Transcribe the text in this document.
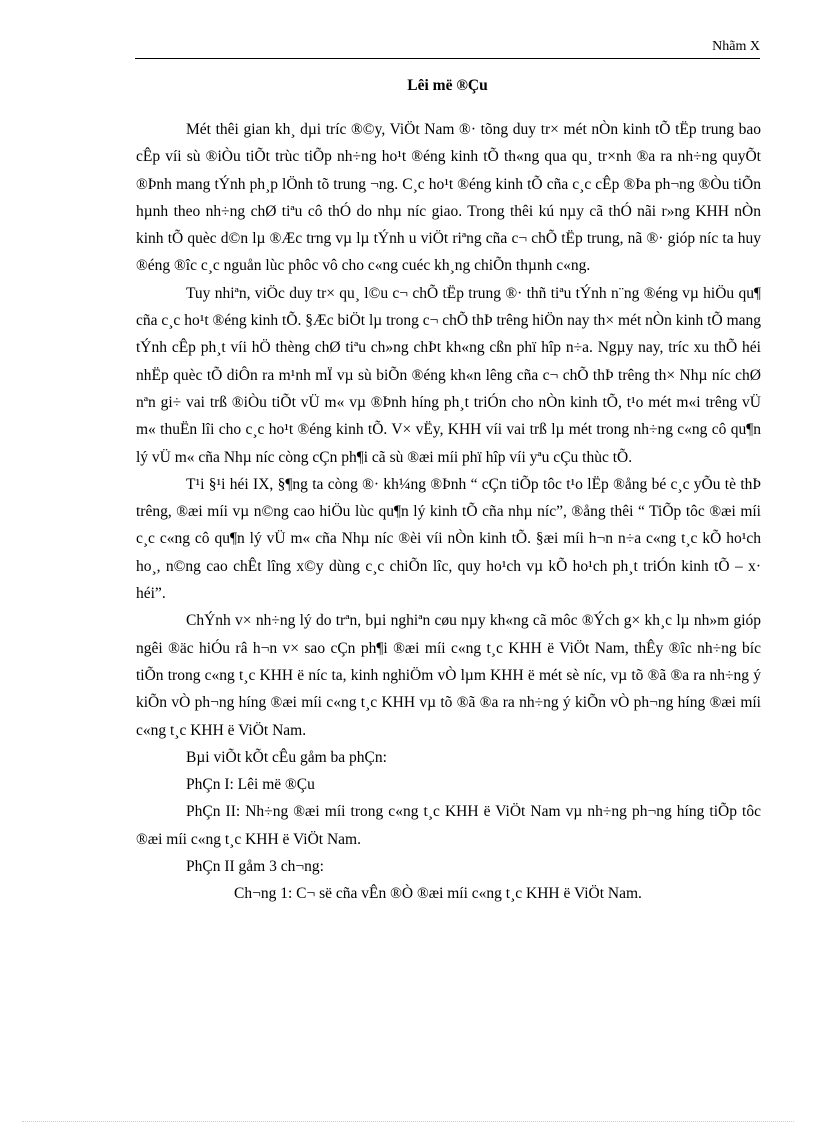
Nhãm X
Lêi më ®Çu

Mét thêi gian kh¸ dµi tríc ®©y, ViÖt Nam ®· tõng duy tr× mét nÒn kinh tÕ tËp trung bao cÊp víi sù ®iÒu tiÕt trùc tiÕp nh÷ng ho¹t ®éng kinh tÕ th«ng qua qu¸ tr×nh ®a ra nh÷ng quyÕt ®Þnh mang tÝnh ph¸p lÖnh tõ trung ¬ng. C¸c ho¹t ®éng kinh tÕ cña c¸c cÊp ®Þa ph¬ng ®Òu tiÕn hµnh theo nh÷ng chØ tiªu cô thÓ do nhµ níc giao. Trong thêi kú nµy cã thÓ nãi r»ng KHH nÒn kinh tÕ quèc d©n lµ ®Æc trng vµ lµ tÝnh u viÖt riªng cña c¬ chÕ tËp trung, nã ®· gióp níc ta huy ®éng ®îc c¸c nguån lùc phôc vô cho c«ng cuéc kh¸ng chiÕn thµnh c«ng.

Tuy nhiªn, viÖc duy tr× qu¸ l©u c¬ chÕ tËp trung ®· thñ tiªu tÝnh n¨ng ®éng vµ hiÖu qu¶ cña c¸c ho¹t ®éng kinh tÕ. §Æc biÖt lµ trong c¬ chÕ thÞ trêng hiÖn nay th× mét nÒn kinh tÕ mang tÝnh cÊp ph¸t víi hÖ thèng chØ tiªu ch»ng chÞt kh«ng cßn phï hîp n÷a. Ngµy nay, tríc xu thÕ héi nhËp quèc tÕ diÔn ra m¹nh mÏ vµ sù biÕn ®éng kh«n lêng cña c¬ chÕ thÞ trêng th× Nhµ níc chØ nªn gi÷ vai trß ®iÒu tiÕt vÜ m« vµ ®Þnh híng ph¸t triÓn cho nÒn kinh tÕ, t¹o mét m«i trêng vÜ m« thuËn lîi cho c¸c ho¹t ®éng kinh tÕ. V× vËy, KHH víi vai trß lµ mét trong nh÷ng c«ng cô qu¶n lý vÜ m« cña Nhµ níc còng cÇn ph¶i cã sù ®æi míi phï hîp víi yªu cÇu thùc tÕ.

T¹i §¹i héi IX, §¶ng ta còng ®· kh¼ng ®Þnh “ cÇn tiÕp tôc t¹o lËp ®ång bé c¸c yÕu tè thÞ trêng, ®æi míi vµ n©ng cao hiÖu lùc qu¶n lý kinh tÕ cña nhµ níc”, ®ång thêi “ TiÕp tôc ®æi míi c¸c c«ng cô qu¶n lý vÜ m« cña Nhµ níc ®èi víi nÒn kinh tÕ. §æi míi h¬n n÷a c«ng t¸c kÕ ho¹ch ho¸, n©ng cao chÊt lîng x©y dùng c¸c chiÕn lîc, quy ho¹ch vµ kÕ ho¹ch ph¸t triÓn kinh tÕ – x· héi”.

ChÝnh v× nh÷ng lý do trªn, bµi nghiªn cøu nµy kh«ng cã môc ®Ých g× kh¸c lµ nh»m gióp ngêi ®äc hiÓu râ h¬n v× sao cÇn ph¶i ®æi míi c«ng t¸c KHH ë ViÖt Nam, thÊy ®îc nh÷ng bíc tiÕn trong c«ng t¸c KHH ë níc ta, kinh nghiÖm vÒ lµm KHH ë mét sè níc, vµ tõ ®ã ®a ra nh÷ng ý kiÕn vÒ ph¬ng híng ®æi míi c«ng t¸c KHH vµ tõ ®ã ®a ra nh÷ng ý kiÕn vÒ ph¬ng híng ®æi míi c«ng t¸c KHH ë ViÖt Nam.

Bµi viÕt kÕt cÊu gåm ba phÇn:

PhÇn I: Lêi më ®Çu

PhÇn II: Nh÷ng ®æi míi trong c«ng t¸c KHH ë ViÖt Nam vµ nh÷ng ph¬ng híng tiÕp tôc ®æi míi c«ng t¸c KHH ë ViÖt Nam.

PhÇn II gåm 3 ch¬ng:

Ch¬ng 1: C¬ së cña vÊn ®Ò ®æi míi c«ng t¸c KHH ë ViÖt Nam.
